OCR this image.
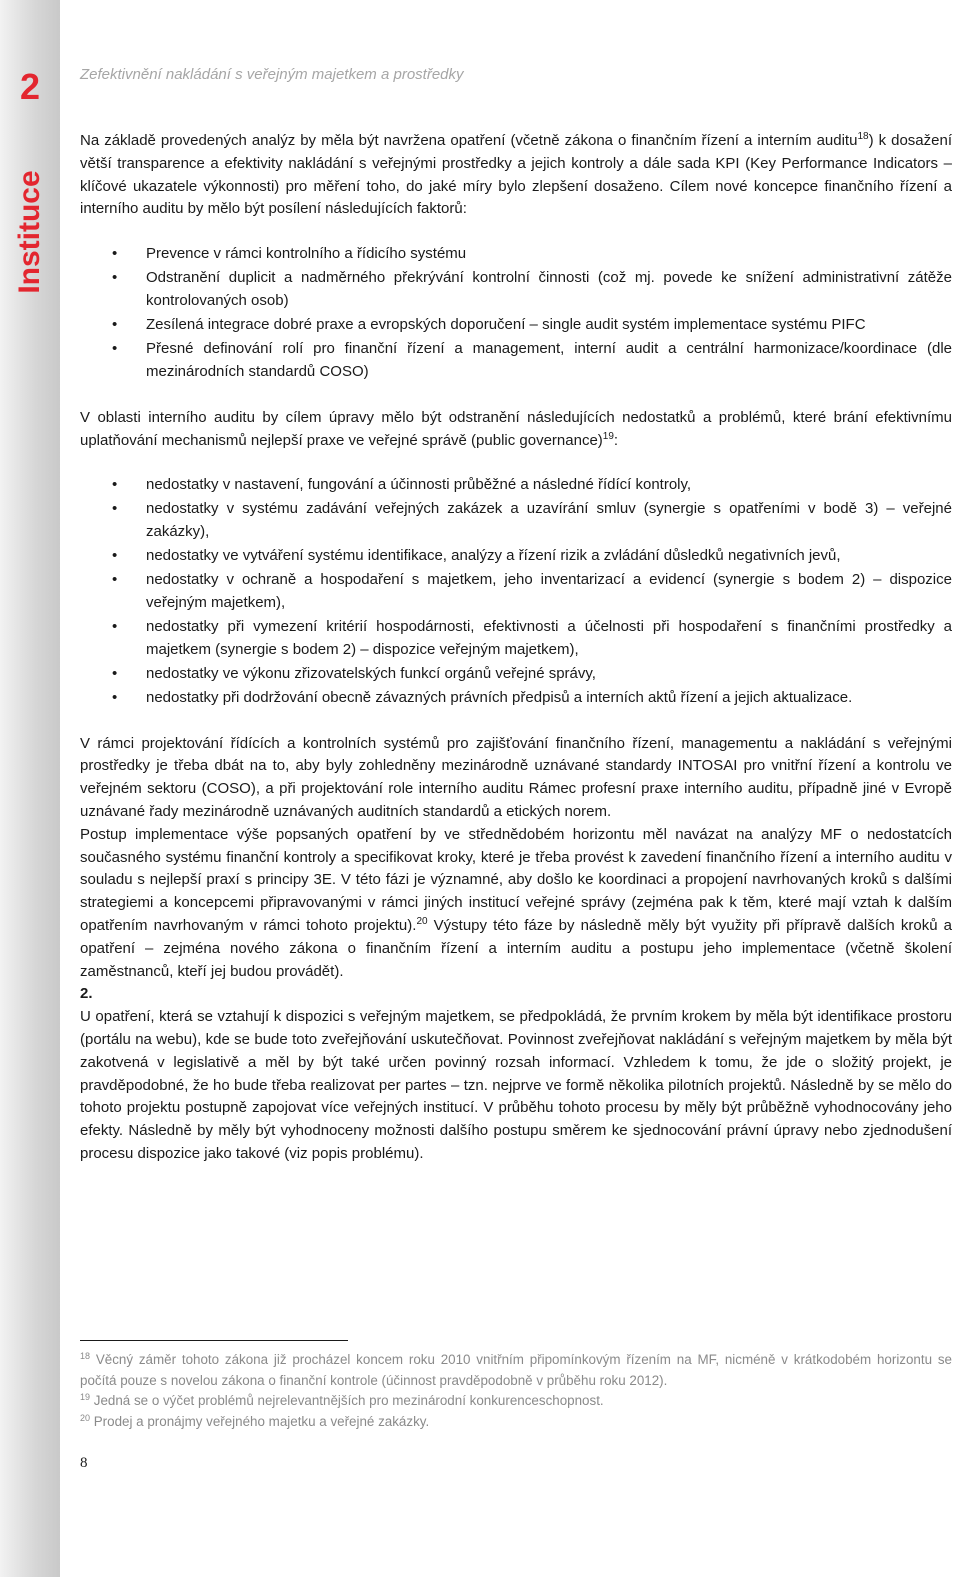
2
Instituce
Zefektivnění nakládání s veřejným majetkem a prostředky

Na základě provedených analýz by měla být navržena opatření (včetně zákona o finančním řízení a interním auditu$^{18}$) k dosažení větší transparence a efektivity nakládání s veřejnými prostředky a jejich kontroly a dále sada KPI (Key Performance Indicators – klíčové ukazatele výkonnosti) pro měření toho, do jaké míry bylo zlepšení dosaženo. Cílem nové koncepce finančního řízení a interního auditu by mělo být posílení následujících faktorů:

• Prevence v rámci kontrolního a řídicího systému
• Odstranění duplicit a nadměrného překrývání kontrolní činnosti (což mj. povede ke snížení administrativní zátěže kontrolovaných osob)
• Zesílená integrace dobré praxe a evropských doporučení – single audit systém implementace systému PIFC
• Přesné definování rolí pro finanční řízení a management, interní audit a centrální harmonizace/koordinace (dle mezinárodních standardů COSO)

V oblasti interního auditu by cílem úpravy mělo být odstranění následujících nedostatků a problémů, které brání efektivnímu uplatňování mechanismů nejlepší praxe ve veřejné správě (public governance)$^{19}$:

• nedostatky v nastavení, fungování a účinnosti průběžné a následné řídící kontroly,
• nedostatky v systému zadávání veřejných zakázek a uzavírání smluv (synergie s opatřeními v bodě 3) – veřejné zakázky),
• nedostatky ve vytváření systému identifikace, analýzy a řízení rizik a zvládání důsledků negativních jevů,
• nedostatky v ochraně a hospodaření s majetkem, jeho inventarizací a evidencí (synergie s bodem 2) – dispozice veřejným majetkem),
• nedostatky při vymezení kritérií hospodárnosti, efektivnosti a účelnosti při hospodaření s finančními prostředky a majetkem (synergie s bodem 2) – dispozice veřejným majetkem),
• nedostatky ve výkonu zřizovatelských funkcí orgánů veřejné správy,
• nedostatky při dodržování obecně závazných právních předpisů a interních aktů řízení a jejich aktualizace.

V rámci projektování řídících a kontrolních systémů pro zajišťování finančního řízení, managementu a nakládání s veřejnými prostředky je třeba dbát na to, aby byly zohledněny mezinárodně uznávané standardy INTOSAI pro vnitřní řízení a kontrolu ve veřejném sektoru (COSO), a při projektování role interního auditu Rámec profesní praxe interního auditu, případně jiné v Evropě uznávané řady mezinárodně uznávaných auditních standardů a etických norem.

Postup implementace výše popsaných opatření by ve střednědobém horizontu měl navázat na analýzy MF o nedostatcích současného systému finanční kontroly a specifikovat kroky, které je třeba provést k zavedení finančního řízení a interního auditu v souladu s nejlepší praxí s principy 3E. V této fázi je významné, aby došlo ke koordinaci a propojení navrhovaných kroků s dalšími strategiemi a koncepcemi připravovanými v rámci jiných institucí veřejné správy (zejména pak k těm, které mají vztah k dalším opatřením navrhovaným v rámci tohoto projektu).$^{20}$ Výstupy této fáze by následně měly být využity při přípravě dalších kroků a opatření – zejména nového zákona o finančním řízení a interním auditu a postupu jeho implementace (včetně školení zaměstnanců, kteří jej budou provádět).

2.

U opatření, která se vztahují k dispozici s veřejným majetkem, se předpokládá, že prvním krokem by měla být identifikace prostoru (portálu na webu), kde se bude toto zveřejňování uskutečňovat. Povinnost zveřejňovat nakládání s veřejným majetkem by měla být zakotvená v legislativě a měl by být také určen povinný rozsah informací. Vzhledem k tomu, že jde o složitý projekt, je pravděpodobné, že ho bude třeba realizovat per partes – tzn. nejprve ve formě několika pilotních projektů. Následně by se mělo do tohoto projektu postupně zapojovat více veřejných institucí. V průběhu tohoto procesu by měly být průběžně vyhodnocovány jeho efekty. Následně by měly být vyhodnoceny možnosti dalšího postupu směrem ke sjednocování právní úpravy nebo zjednodušení procesu dispozice jako takové (viz popis problému).

$^{18}$ Věcný záměr tohoto zákona již procházel koncem roku 2010 vnitřním připomínkovým řízením na MF, nicméně v krátkodobém horizontu se počítá pouze s novelou zákona o finanční kontrole (účinnost pravděpodobně v průběhu roku 2012).

$^{19}$ Jedná se o výčet problémů nejrelevantnějších pro mezinárodní konkurenceschopnost.

$^{20}$ Prodej a pronájmy veřejného majetku a veřejné zakázky.

8
